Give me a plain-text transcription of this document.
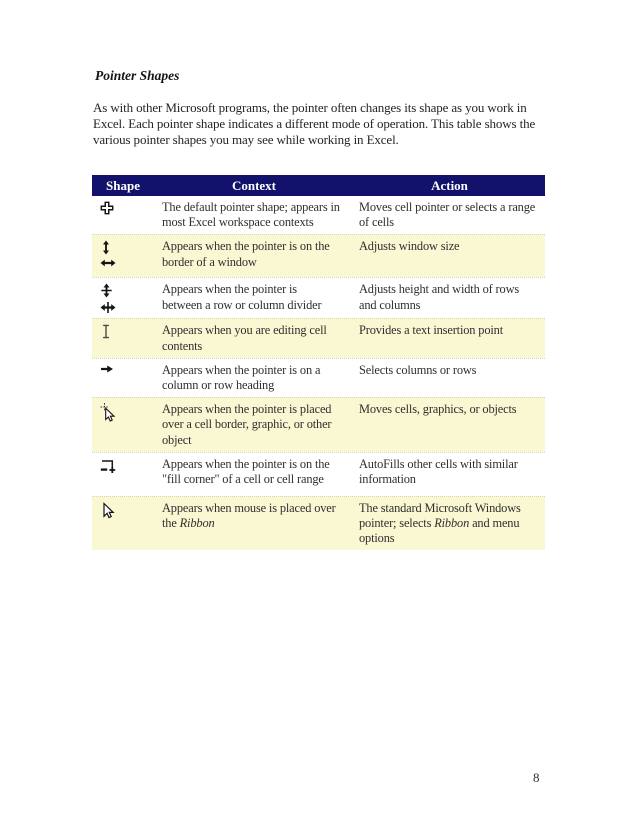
Pointer Shapes

As with other Microsoft programs, the pointer often changes its shape as you work in Excel. Each pointer shape indicates a different mode of operation. This table shows the various pointer shapes you may see while working in Excel.

Shape	Context	Action
The default pointer shape; appears in most Excel workspace contexts
Moves cell pointer or selects a range of cells
Appears when the pointer is on the border of a window
Adjusts window size
Appears when the pointer is between a row or column divider
Adjusts height and width of rows and columns
Appears when you are editing cell contents
Provides a text insertion point
Appears when the pointer is on a column or row heading
Selects columns or rows
Appears when the pointer is placed over a cell border, graphic, or other object
Moves cells, graphics, or objects
Appears when the pointer is on the "fill corner" of a cell or cell range
AutoFills other cells with similar information
Appears when mouse is placed over the Ribbon
The standard Microsoft Windows pointer; selects Ribbon and menu options
8
